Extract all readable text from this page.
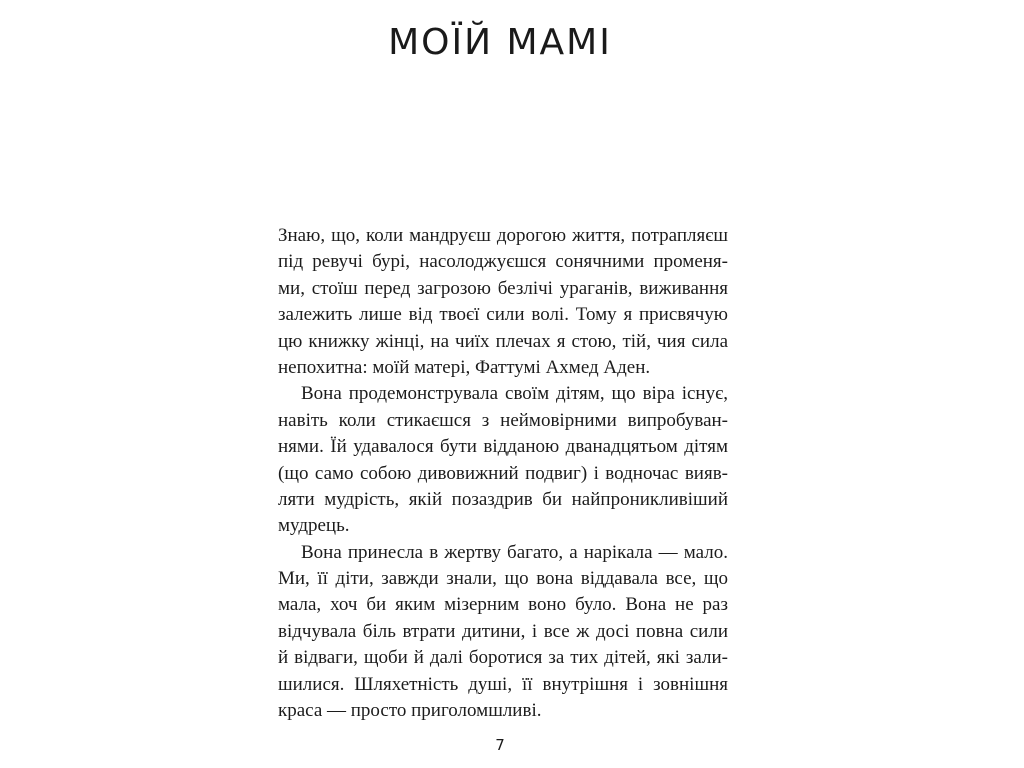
МОЇЙ МАМІ
Знаю, що, коли мандруєш дорогою життя, потрапляєш
під ревучі бурі, насолоджуєшся сонячними променя-
ми, стоїш перед загрозою безлічі ураганів, виживання
залежить лише від твоєї сили волі. Тому я присвячую
цю книжку жінці, на чиїх плечах я стою, тій, чия сила
непохитна: моїй матері, Фаттумі Ахмед Аден.
Вона продемонструвала своїм дітям, що віра існує,
навіть коли стикаєшся з неймовірними випробуван-
нями. Їй удавалося бути відданою дванадцятьом дітям
(що само собою дивовижний подвиг) і водночас вияв-
ляти мудрість, якій позаздрив би найпроникливіший
мудрець.
Вона принесла в жертву багато, а нарікала — мало.
Ми, її діти, завжди знали, що вона віддавала все, що
мала, хоч би яким мізерним воно було. Вона не раз
відчувала біль втрати дитини, і все ж досі повна сили
й відваги, щоби й далі боротися за тих дітей, які зали-
шилися. Шляхетність душі, її внутрішня і зовнішня
краса — просто приголомшливі.
7
